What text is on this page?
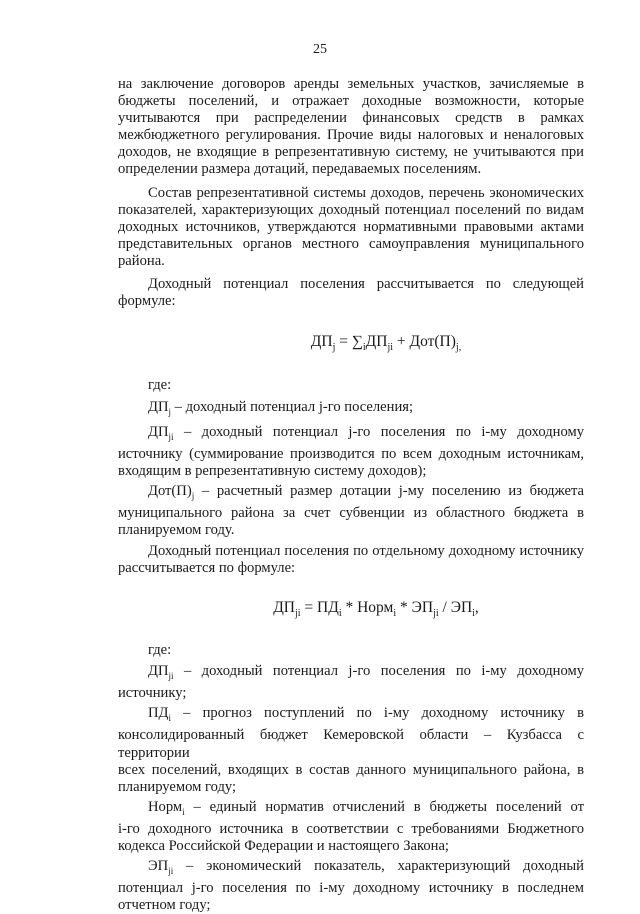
25
на заключение договоров аренды земельных участков, зачисляемые в
бюджеты поселений, и отражает доходные возможности, которые
учитываются при распределении финансовых средств в рамках
межбюджетного регулирования. Прочие виды налоговых и неналоговых
доходов, не входящие в репрезентативную систему, не учитываются при
определении размера дотаций, передаваемых поселениям.
Состав репрезентативной системы доходов, перечень экономических
показателей, характеризующих доходный потенциал поселений по видам
доходных источников, утверждаются нормативными правовыми актами
представительных органов местного самоуправления муниципального
района.
Доходный потенциал поселения рассчитывается по следующей
формуле:
$ДП_j = \sum_iДП_{ji} + Дот(П)_{j,}$
где:
$ДП_j$ – доходный потенциал j-го поселения;
$ДП_{ji}$ – доходный потенциал j-го поселения по i-му доходному
источнику (суммирование производится по всем доходным источникам,
входящим в репрезентативную систему доходов);
$Дот(П)_j$ – расчетный размер дотации j-му поселению из бюджета
муниципального района за счет субвенции из областного бюджета в
планируемом году.
Доходный потенциал поселения по отдельному доходному источнику
рассчитывается по формуле:
$ДП_{ji} = ПД_i$ * Норм$_i$ * $ЭП_{ji} / ЭП_i$,
где:
$ДП_{ji}$ – доходный потенциал j-го поселения по i-му доходному
источнику;
$ПД_i$ – прогноз поступлений по i-му доходному источнику в
консолидированный бюджет Кемеровской области – Кузбасса с территории
всех поселений, входящих в состав данного муниципального района, в
планируемом году;
Норм$_i$ – единый норматив отчислений в бюджеты поселений от
i-го доходного источника в соответствии с требованиями Бюджетного
кодекса Российской Федерации и настоящего Закона;
$ЭП_{ji}$ – экономический показатель, характеризующий доходный
потенциал j-го поселения по i-му доходному источнику в последнем
отчетном году;
